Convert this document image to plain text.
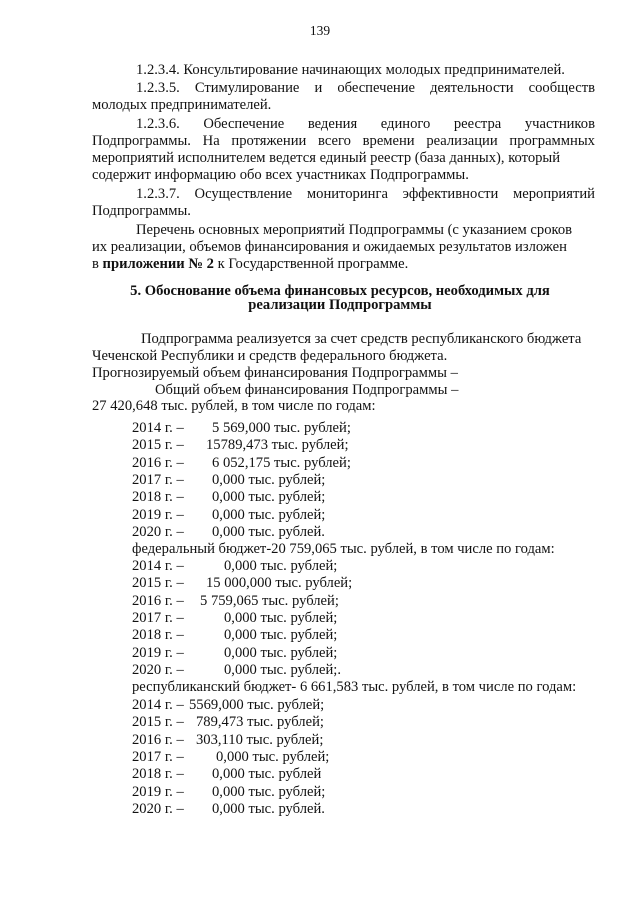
139
1.2.3.4. Консультирование начинающих молодых предпринимателей.
1.2.3.5. Стимулирование и обеспечение деятельности сообществ
молодых предпринимателей.
1.2.3.6. Обеспечение ведения единого реестра участников
Подпрограммы. На протяжении всего времени реализации программных
мероприятий исполнителем ведется единый реестр (база данных), который
содержит информацию обо всех участниках Подпрограммы.
1.2.3.7. Осуществление мониторинга эффективности мероприятий
Подпрограммы.
Перечень основных мероприятий Подпрограммы (с указанием сроков
их реализации, объемов финансирования и ожидаемых результатов изложен
в приложении № 2 к Государственной программе.
5. Обоснование объема финансовых ресурсов, необходимых для
реализации Подпрограммы
Подпрограмма реализуется за счет средств республиканского бюджета
Чеченской Республики и средств федерального бюджета.
Прогнозируемый объем финансирования Подпрограммы –
Общий объем финансирования Подпрограммы –
27 420,648 тыс. рублей, в том числе по годам:
2014 г. – 5 569,000 тыс. рублей;
2015 г. – 15789,473 тыс. рублей;
2016 г. – 6 052,175 тыс. рублей;
2017 г. – 0,000 тыс. рублей;
2018 г. – 0,000 тыс. рублей;
2019 г. – 0,000 тыс. рублей;
2020 г. – 0,000 тыс. рублей.
федеральный бюджет-20 759,065 тыс. рублей, в том числе по годам:
2014 г. –	0,000 тыс. рублей;
2015 г. – 15 000,000 тыс. рублей;
2016 г. – 5 759,065 тыс. рублей;
2017 г. –	0,000 тыс. рублей;
2018 г. –	0,000 тыс. рублей;
2019 г. –	0,000 тыс. рублей;
2020 г. –	0,000 тыс. рублей;.
республиканский бюджет- 6 661,583 тыс. рублей, в том числе по годам:
2014 г. – 5569,000 тыс. рублей;
2015 г. – 789,473 тыс. рублей;
2016 г. – 303,110 тыс. рублей;
2017 г. – 0,000 тыс. рублей;
2018 г. – 0,000 тыс. рублей
2019 г. – 0,000 тыс. рублей;
2020 г. – 0,000 тыс. рублей.
